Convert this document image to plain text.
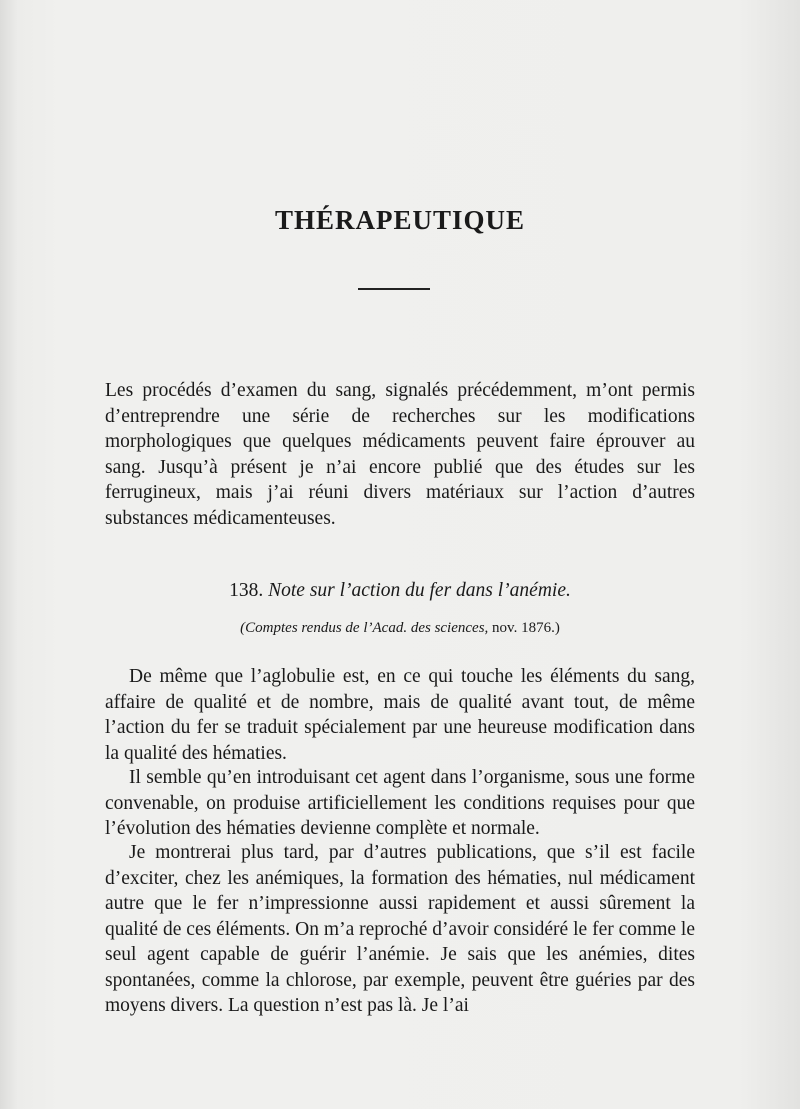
THÉRAPEUTIQUE
Les procédés d’examen du sang, signalés précédemment, m’ont permis d’entreprendre une série de recherches sur les modifications morphologiques que quelques médicaments peuvent faire éprouver au sang. Jusqu’à présent je n’ai encore publié que des études sur les ferrugineux, mais j’ai réuni divers matériaux sur l’action d’autres substances médicamenteuses.
138. Note sur l’action du fer dans l’anémie.
(Comptes rendus de l’Acad. des sciences, nov. 1876.)
De même que l’aglobulie est, en ce qui touche les éléments du sang, affaire de qualité et de nombre, mais de qualité avant tout, de même l’action du fer se traduit spécialement par une heureuse modification dans la qualité des hématies.
Il semble qu’en introduisant cet agent dans l’organisme, sous une forme convenable, on produise artificiellement les conditions requises pour que l’évolution des hématies devienne complète et normale.
Je montrerai plus tard, par d’autres publications, que s’il est facile d’exciter, chez les anémiques, la formation des hématies, nul médicament autre que le fer n’impressionne aussi rapidement et aussi sûrement la qualité de ces éléments. On m’a reproché d’avoir considéré le fer comme le seul agent capable de guérir l’anémie. Je sais que les anémies, dites spontanées, comme la chlorose, par exemple, peuvent être guéries par des moyens divers. La question n’est pas là. Je l’ai
